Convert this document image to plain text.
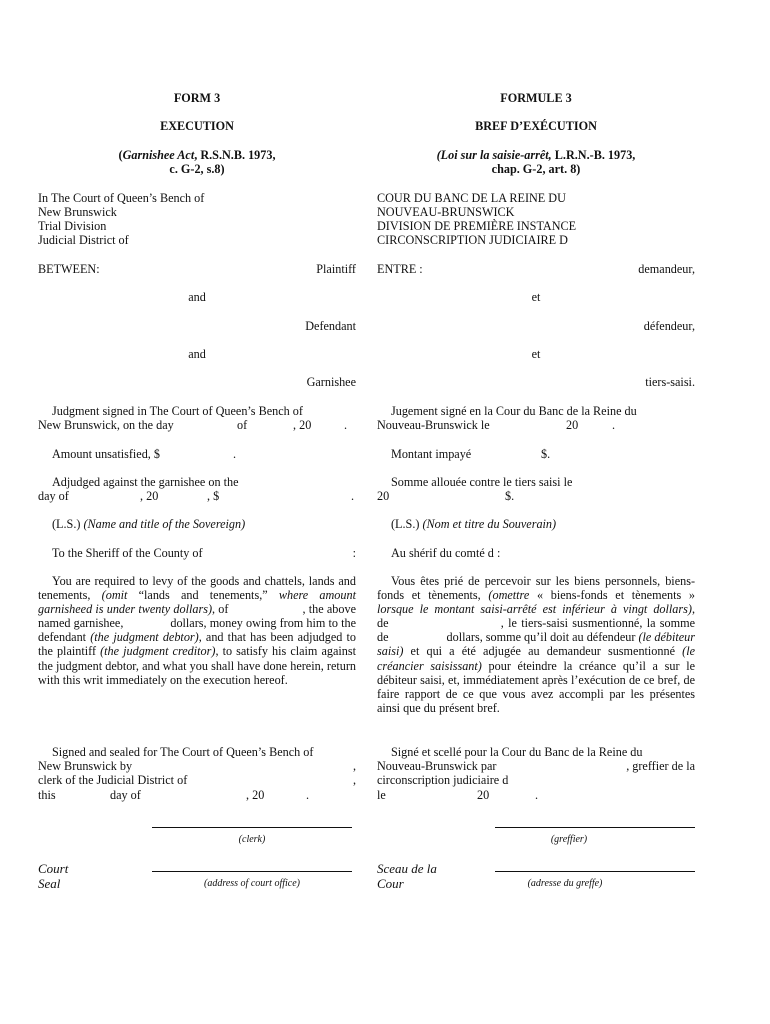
FORM 3
EXECUTION
(Garnishee Act, R.S.N.B. 1973,
c. G-2, s.8)
In The Court of Queen’s Bench of
New Brunswick
Trial Division
Judicial District of
BETWEEN:	Plaintiff
and
Defendant
and
Garnishee
Judgment signed in The Court of Queen’s Bench of
New Brunswick, on the day	of	, 20	.
Amount unsatisfied, $	.
Adjudged against the garnishee on the
day of	, 20	, $	.
(L.S.) (Name and title of the Sovereign)
To the Sheriff of the County of	:
You are required to levy of the goods and chattels, lands and tenements, (omit “lands and tenements,” where amount garnisheed is under twenty dollars), of                       , the above named garnishee,	dollars, money owing from him to the defendant (the judgment debtor), and that has been adjudged to the plaintiff (the judgment creditor), to satisfy his claim against the judgment debtor, and what you shall have done herein, return with this writ immediately on the execution hereof.
Signed and sealed for The Court of Queen’s Bench of
New Brunswick by	,
clerk of the Judicial District of	,
this	day of	, 20	.
(clerk)
Court
Seal	(address of court office)
FORMULE 3
BREF D’EXÉCUTION
(Loi sur la saisie-arrêt, L.R.N.-B. 1973,
chap. G-2, art. 8)
COUR DU BANC DE LA REINE DU
NOUVEAU-BRUNSWICK
DIVISION DE PREMIÈRE INSTANCE
CIRCONSCRIPTION JUDICIAIRE D
ENTRE :	demandeur,
et
défendeur,
et
tiers-saisi.
Jugement signé en la Cour du Banc de la Reine du
Nouveau-Brunswick le	20	.
Montant impayé	$.
Somme allouée contre le tiers saisi le
20	$.
(L.S.) (Nom et titre du Souverain)
Au shérif du comté d :
Vous êtes prié de percevoir sur les biens personnels, biens-fonds et tènements, (omettre « biens-fonds et tènements » lorsque le montant saisi-arrêté est inférieur à vingt dollars), de	, le tiers-saisi susmentionné, la somme de	dollars, somme qu’il doit au défendeur (le débiteur saisi) et qui a été adjugée au demandeur susmentionné (le créancier saisissant) pour éteindre la créance qu’il a sur le débiteur saisi, et, immédiatement après l’exécution de ce bref, de faire rapport de ce que vous avez accompli par les présentes ainsi que du présent bref.
Signé et scellé pour la Cour du Banc de la Reine du
Nouveau-Brunswick par	, greffier de la
circonscription judiciaire d
le	20	.
(greffier)
Sceau de la
Cour	(adresse du greffe)
